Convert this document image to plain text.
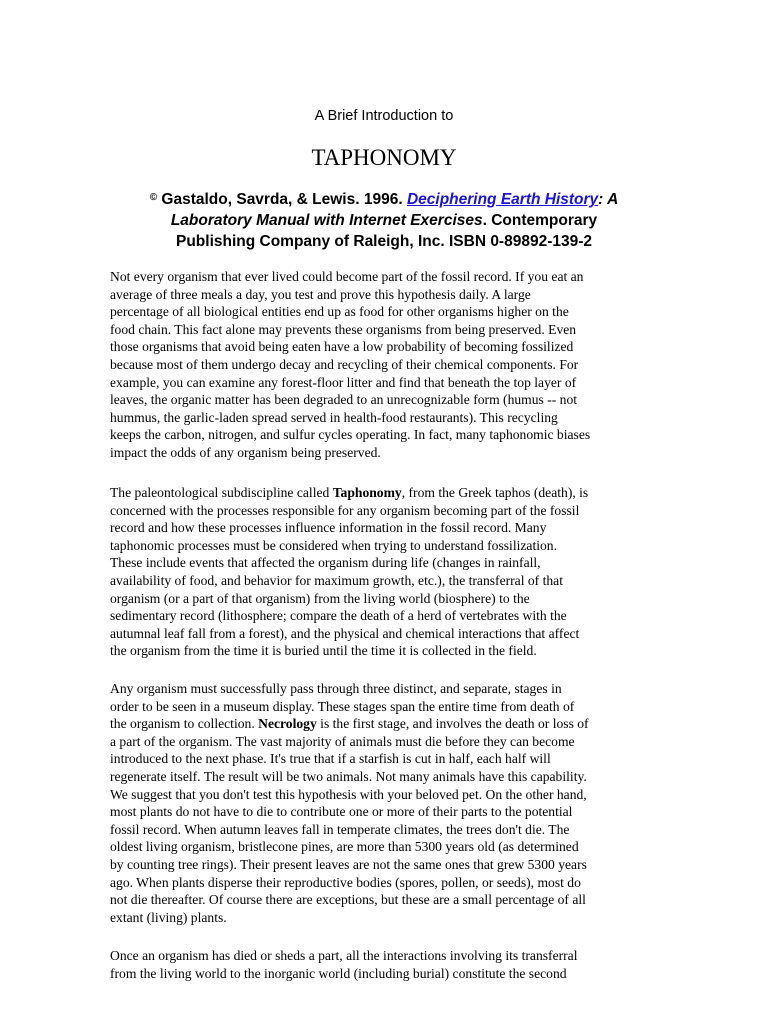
A Brief Introduction to
TAPHONOMY
© Gastaldo, Savrda, & Lewis. 1996. Deciphering Earth History: A
Laboratory Manual with Internet Exercises. Contemporary
Publishing Company of Raleigh, Inc. ISBN 0-89892-139-2
Not every organism that ever lived could become part of the fossil record. If you eat an
average of three meals a day, you test and prove this hypothesis daily. A large
percentage of all biological entities end up as food for other organisms higher on the
food chain. This fact alone may prevents these organisms from being preserved. Even
those organisms that avoid being eaten have a low probability of becoming fossilized
because most of them undergo decay and recycling of their chemical components. For
example, you can examine any forest-floor litter and find that beneath the top layer of
leaves, the organic matter has been degraded to an unrecognizable form (humus -- not
hummus, the garlic-laden spread served in health-food restaurants). This recycling
keeps the carbon, nitrogen, and sulfur cycles operating. In fact, many taphonomic biases
impact the odds of any organism being preserved.
The paleontological subdiscipline called Taphonomy, from the Greek taphos (death), is
concerned with the processes responsible for any organism becoming part of the fossil
record and how these processes influence information in the fossil record. Many
taphonomic processes must be considered when trying to understand fossilization.
These include events that affected the organism during life (changes in rainfall,
availability of food, and behavior for maximum growth, etc.), the transferral of that
organism (or a part of that organism) from the living world (biosphere) to the
sedimentary record (lithosphere; compare the death of a herd of vertebrates with the
autumnal leaf fall from a forest), and the physical and chemical interactions that affect
the organism from the time it is buried until the time it is collected in the field.
Any organism must successfully pass through three distinct, and separate, stages in
order to be seen in a museum display. These stages span the entire time from death of
the organism to collection. Necrology is the first stage, and involves the death or loss of
a part of the organism. The vast majority of animals must die before they can become
introduced to the next phase. It's true that if a starfish is cut in half, each half will
regenerate itself. The result will be two animals. Not many animals have this capability.
We suggest that you don't test this hypothesis with your beloved pet. On the other hand,
most plants do not have to die to contribute one or more of their parts to the potential
fossil record. When autumn leaves fall in temperate climates, the trees don't die. The
oldest living organism, bristlecone pines, are more than 5300 years old (as determined
by counting tree rings). Their present leaves are not the same ones that grew 5300 years
ago. When plants disperse their reproductive bodies (spores, pollen, or seeds), most do
not die thereafter. Of course there are exceptions, but these are a small percentage of all
extant (living) plants.
Once an organism has died or sheds a part, all the interactions involving its transferral
from the living world to the inorganic world (including burial) constitute the second
